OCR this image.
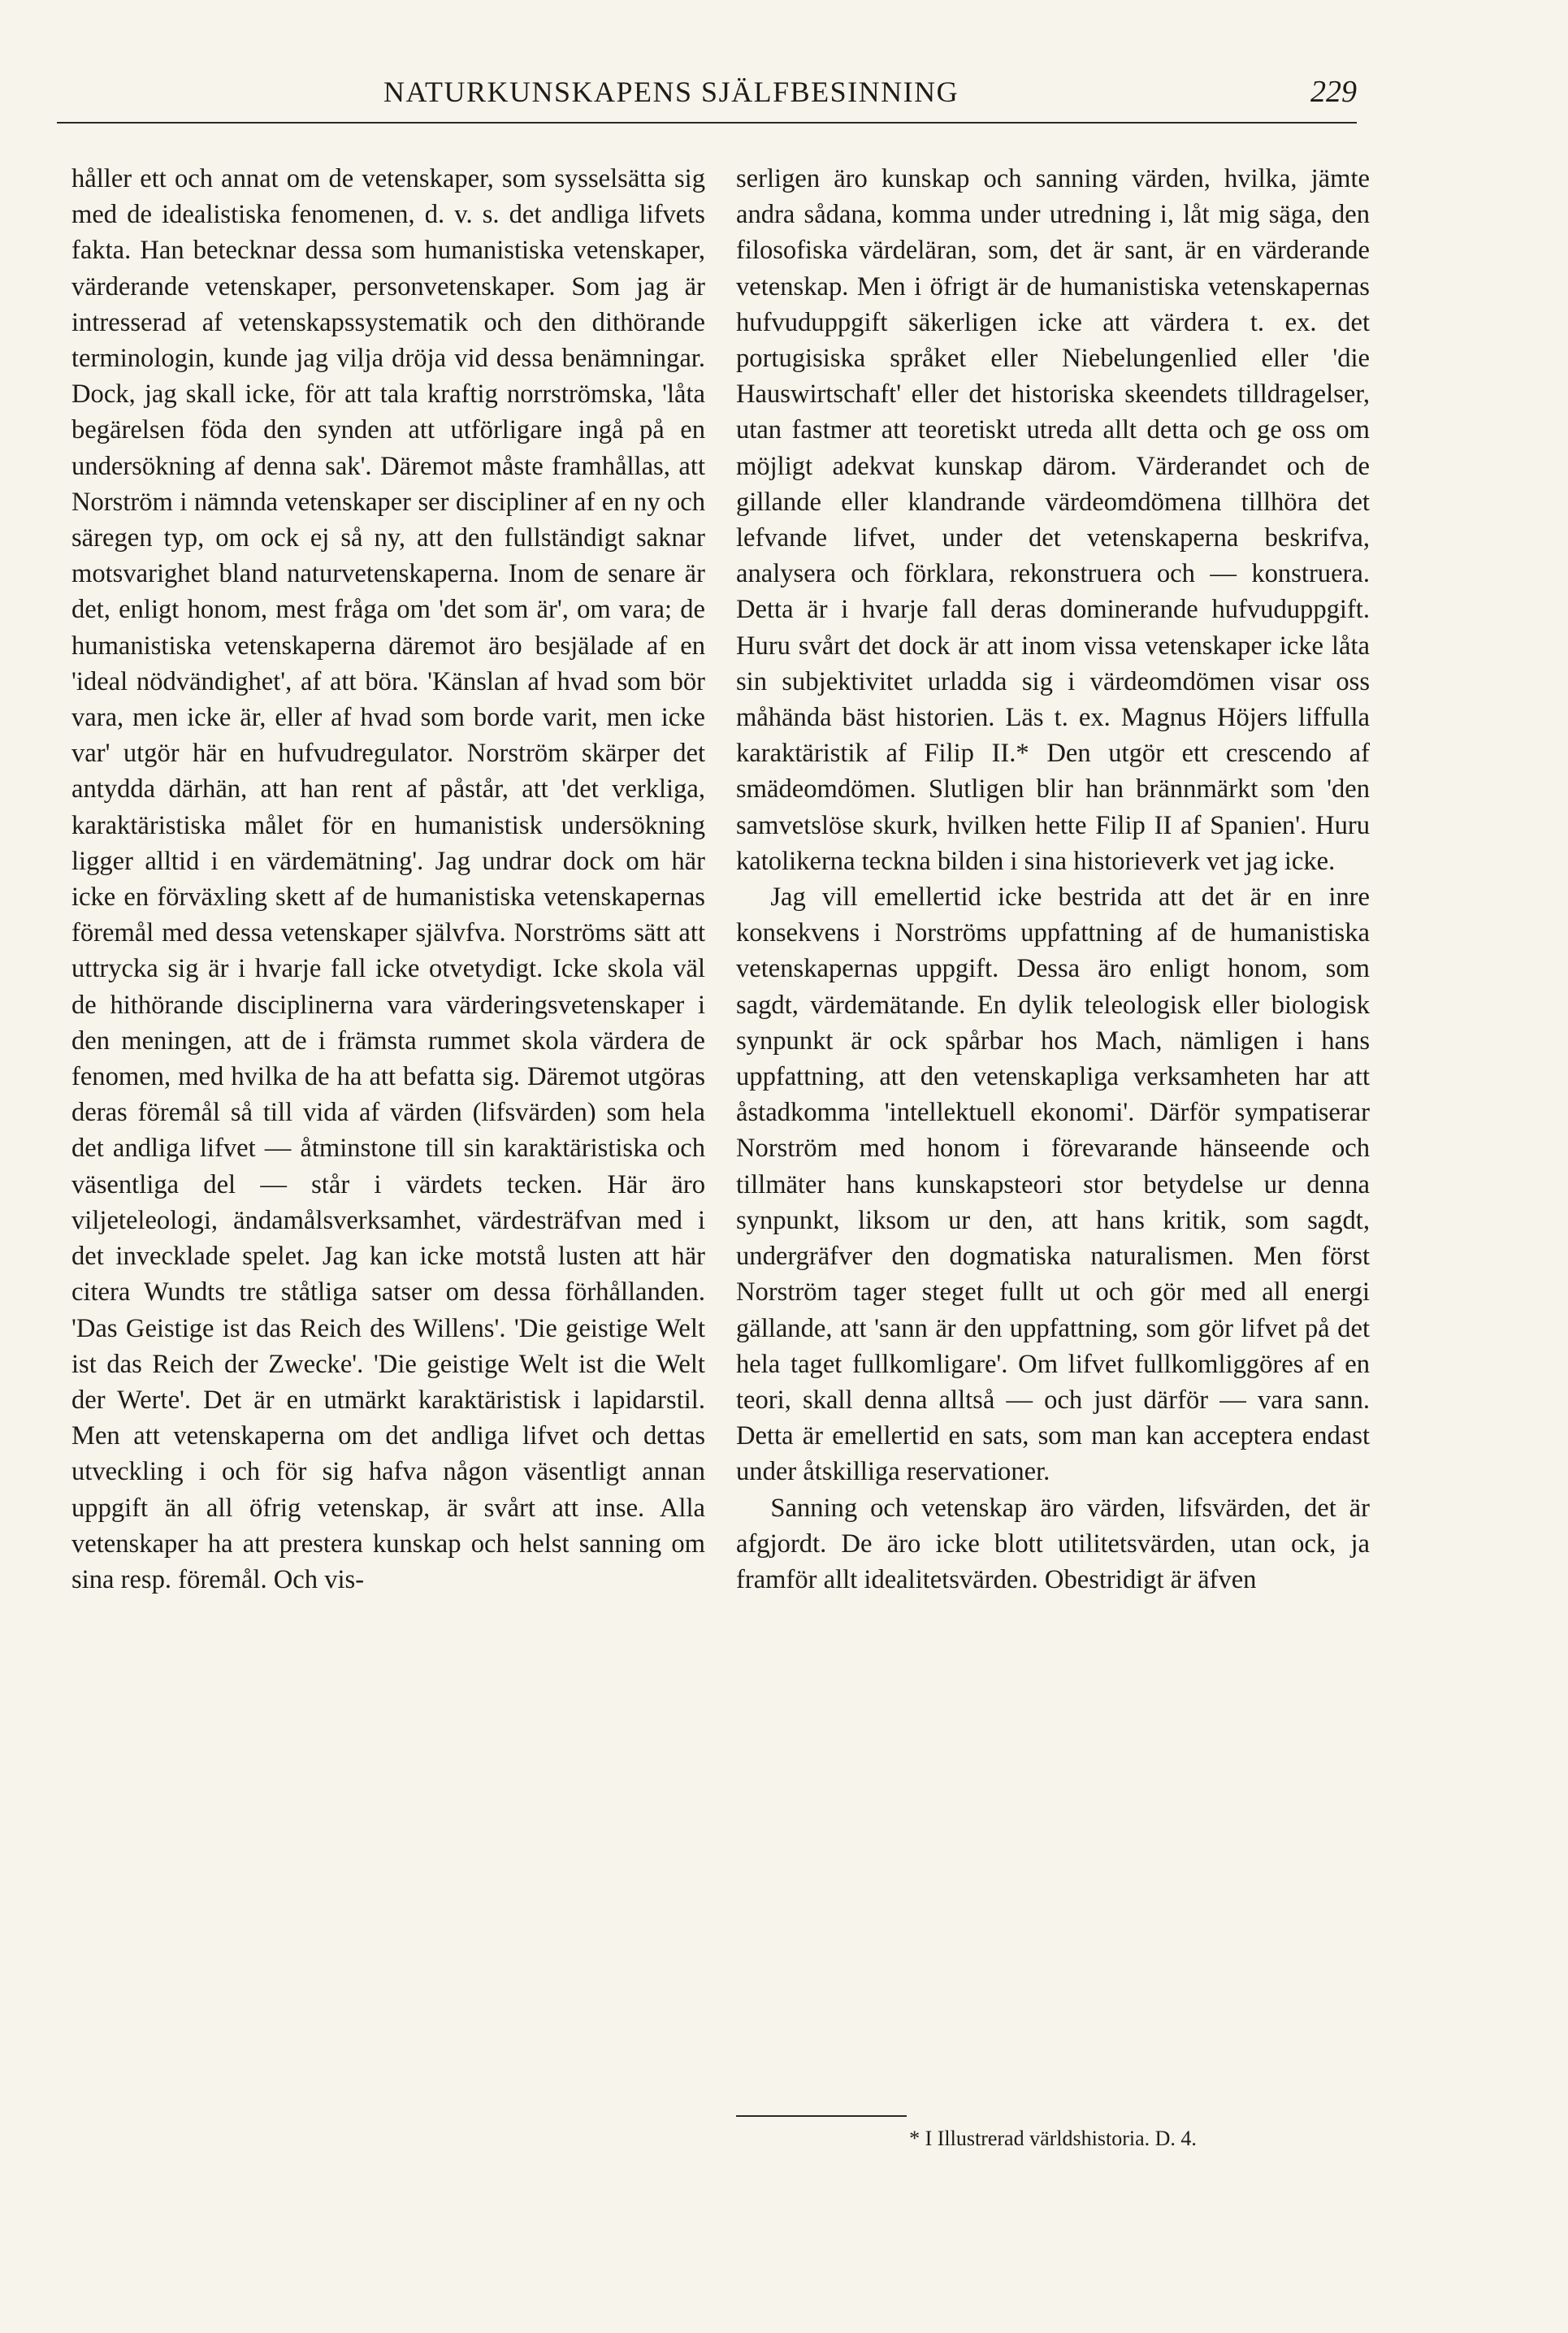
NATURKUNSKAPENS SJÄLFBESINNING	229

håller ett och annat om de vetenskaper, som sysselsätta sig med de idealistiska fenomenen, d. v. s. det andliga lifvets fakta. Han betecknar dessa som humanistiska vetenskaper, värderande vetenskaper, personvetenskaper. Som jag är intresserad af vetenskapssystematik och den dithörande terminologin, kunde jag vilja dröja vid dessa benämningar. Dock, jag skall icke, för att tala kraftig norrströmska, 'låta begärelsen föda den synden att utförligare ingå på en undersökning af denna sak'. Däremot måste framhållas, att Norström i nämnda vetenskaper ser discipliner af en ny och säregen typ, om ock ej så ny, att den fullständigt saknar motsvarighet bland naturvetenskaperna. Inom de senare är det, enligt honom, mest fråga om 'det som är', om vara; de humanistiska vetenskaperna däremot äro besjälade af en 'ideal nödvändighet', af att böra. 'Känslan af hvad som bör vara, men icke är, eller af hvad som borde varit, men icke var' utgör här en hufvudregulator. Norström skärper det antydda därhän, att han rent af påstår, att 'det verkliga, karaktäristiska målet för en humanistisk undersökning ligger alltid i en värdemätning'. Jag undrar dock om här icke en förväxling skett af de humanistiska vetenskapernas föremål med dessa vetenskaper självfva. Norströms sätt att uttrycka sig är i hvarje fall icke otvetydigt. Icke skola väl de hithörande disciplinerna vara värderingsvetenskaper i den meningen, att de i främsta rummet skola värdera de fenomen, med hvilka de ha att befatta sig. Däremot utgöras deras föremål så till vida af värden (lifsvärden) som hela det andliga lifvet — åtminstone till sin karaktäristiska och väsentliga del — står i värdets tecken. Här äro viljeteleologi, ändamålsverksamhet, värdesträfvan med i det invecklade spelet. Jag kan icke motstå lusten att här citera Wundts tre ståtliga satser om dessa förhållanden. 'Das Geistige ist das Reich des Willens'. 'Die geistige Welt ist das Reich der Zwecke'. 'Die geistige Welt ist die Welt der Werte'. Det är en utmärkt karaktäristisk i lapidarstil. Men att vetenskaperna om det andliga lifvet och dettas utveckling i och för sig hafva någon väsentligt annan uppgift än all öfrig vetenskap, är svårt att inse. Alla vetenskaper ha att prestera kunskap och helst sanning om sina resp. föremål. Och vis-

serligen äro kunskap och sanning värden, hvilka, jämte andra sådana, komma under utredning i, låt mig säga, den filosofiska värdeläran, som, det är sant, är en värderande vetenskap. Men i öfrigt är de humanistiska vetenskapernas hufvuduppgift säkerligen icke att värdera t. ex. det portugisiska språket eller Niebelungenlied eller 'die Hauswirtschaft' eller det historiska skeendets tilldragelser, utan fastmer att teoretiskt utreda allt detta och ge oss om möjligt adekvat kunskap därom. Värderandet och de gillande eller klandrande värdeomdömena tillhöra det lefvande lifvet, under det vetenskaperna beskrifva, analysera och förklara, rekonstruera och — konstruera. Detta är i hvarje fall deras dominerande hufvuduppgift. Huru svårt det dock är att inom vissa vetenskaper icke låta sin subjektivitet urladda sig i värdeomdömen visar oss måhända bäst historien. Läs t. ex. Magnus Höjers liffulla karaktäristik af Filip II.* Den utgör ett crescendo af smädeomdömen. Slutligen blir han brännmärkt som 'den samvetslöse skurk, hvilken hette Filip II af Spanien'. Huru katolikerna teckna bilden i sina historieverk vet jag icke.

Jag vill emellertid icke bestrida att det är en inre konsekvens i Norströms uppfattning af de humanistiska vetenskapernas uppgift. Dessa äro enligt honom, som sagdt, värdemätande. En dylik teleologisk eller biologisk synpunkt är ock spårbar hos Mach, nämligen i hans uppfattning, att den vetenskapliga verksamheten har att åstadkomma 'intellektuell ekonomi'. Därför sympatiserar Norström med honom i förevarande hänseende och tillmäter hans kunskapsteori stor betydelse ur denna synpunkt, liksom ur den, att hans kritik, som sagdt, undergräfver den dogmatiska naturalismen. Men först Norström tager steget fullt ut och gör med all energi gällande, att 'sann är den uppfattning, som gör lifvet på det hela taget fullkomligare'. Om lifvet fullkomliggöres af en teori, skall denna alltså — och just därför — vara sann. Detta är emellertid en sats, som man kan acceptera endast under åtskilliga reservationer.

Sanning och vetenskap äro värden, lifsvärden, det är afgjordt. De äro icke blott utilitetsvärden, utan ock, ja framför allt idealitetsvärden. Obestridigt är äfven

* I Illustrerad världshistoria. D. 4.
